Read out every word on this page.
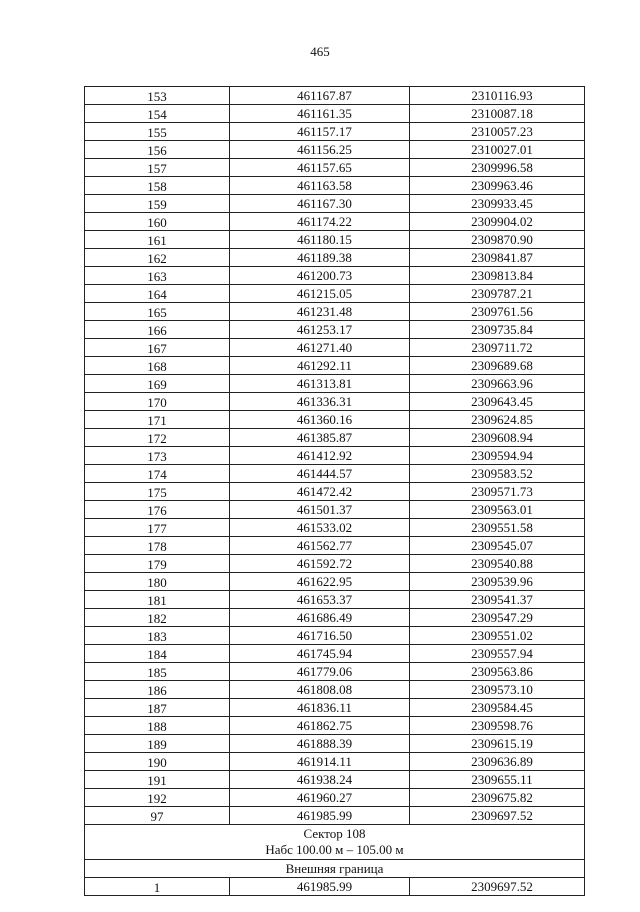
465
153	461167.87	2310116.93
154	461161.35	2310087.18
155	461157.17	2310057.23
156	461156.25	2310027.01
157	461157.65	2309996.58
158	461163.58	2309963.46
159	461167.30	2309933.45
160	461174.22	2309904.02
161	461180.15	2309870.90
162	461189.38	2309841.87
163	461200.73	2309813.84
164	461215.05	2309787.21
165	461231.48	2309761.56
166	461253.17	2309735.84
167	461271.40	2309711.72
168	461292.11	2309689.68
169	461313.81	2309663.96
170	461336.31	2309643.45
171	461360.16	2309624.85
172	461385.87	2309608.94
173	461412.92	2309594.94
174	461444.57	2309583.52
175	461472.42	2309571.73
176	461501.37	2309563.01
177	461533.02	2309551.58
178	461562.77	2309545.07
179	461592.72	2309540.88
180	461622.95	2309539.96
181	461653.37	2309541.37
182	461686.49	2309547.29
183	461716.50	2309551.02
184	461745.94	2309557.94
185	461779.06	2309563.86
186	461808.08	2309573.10
187	461836.11	2309584.45
188	461862.75	2309598.76
189	461888.39	2309615.19
190	461914.11	2309636.89
191	461938.24	2309655.11
192	461960.27	2309675.82
97	461985.99	2309697.52

Сектор 108
Набс 100.00 м – 105.00 м		

Внешняя граница		
1	461985.99	2309697.52
